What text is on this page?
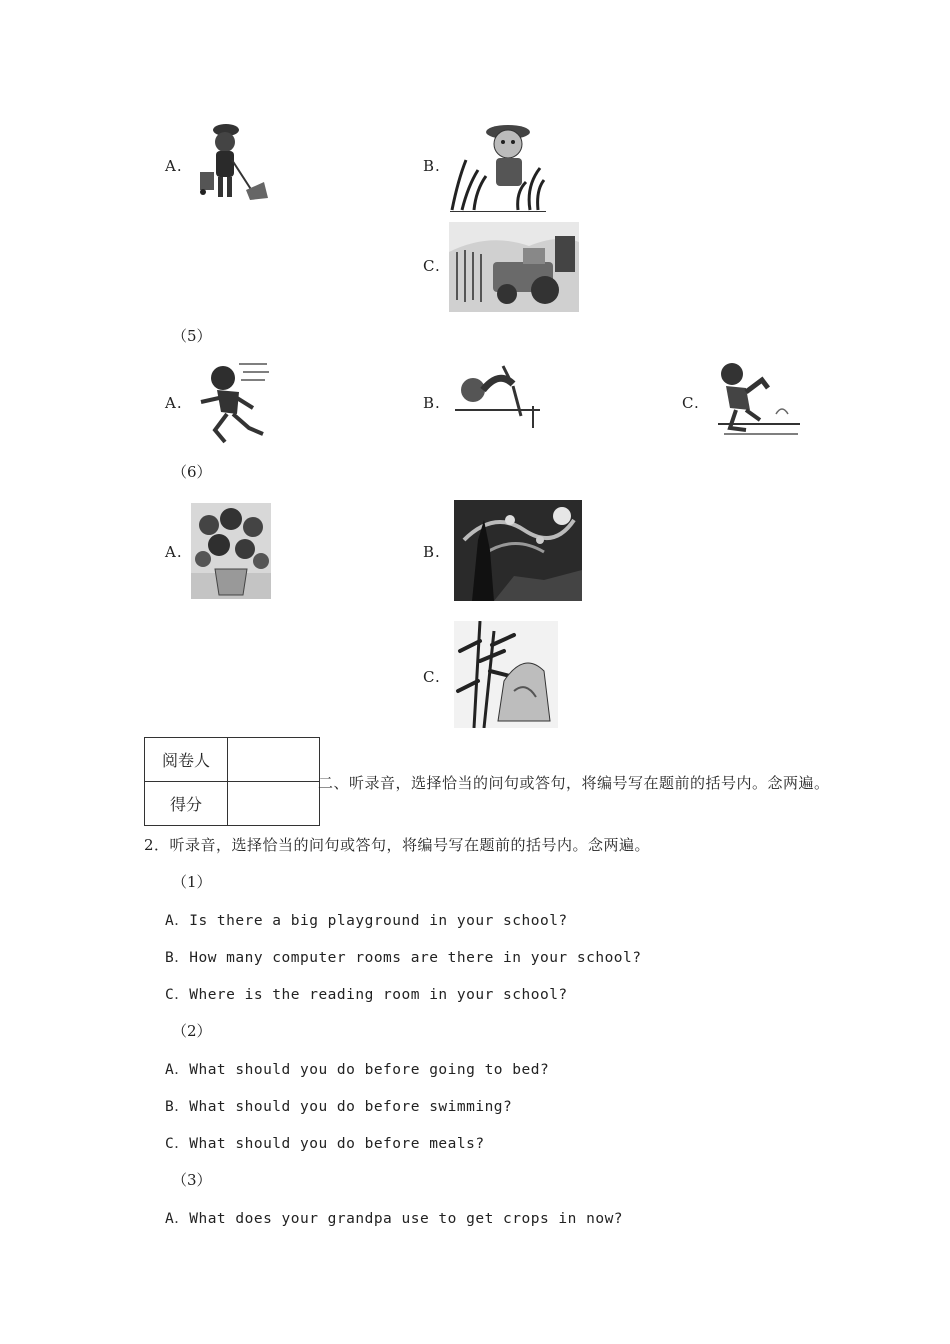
A.	B.
C.
（5）
A.	B.	C.
（6）
A.	B.
C.
阅卷人	
得分	
二、听录音，选择恰当的问句或答句，将编号写在题前的括号内。念两遍。
2．听录音，选择恰当的问句或答句，将编号写在题前的括号内。念两遍。
（1）
A．Is there a big playground in your school?
B．How many computer rooms are there in your school?
C．Where is the reading room in your school?
（2）
A．What should you do before going to bed?
B．What should you do before swimming?
C．What should you do before meals?
（3）
A．What does your grandpa use to get crops in now?
